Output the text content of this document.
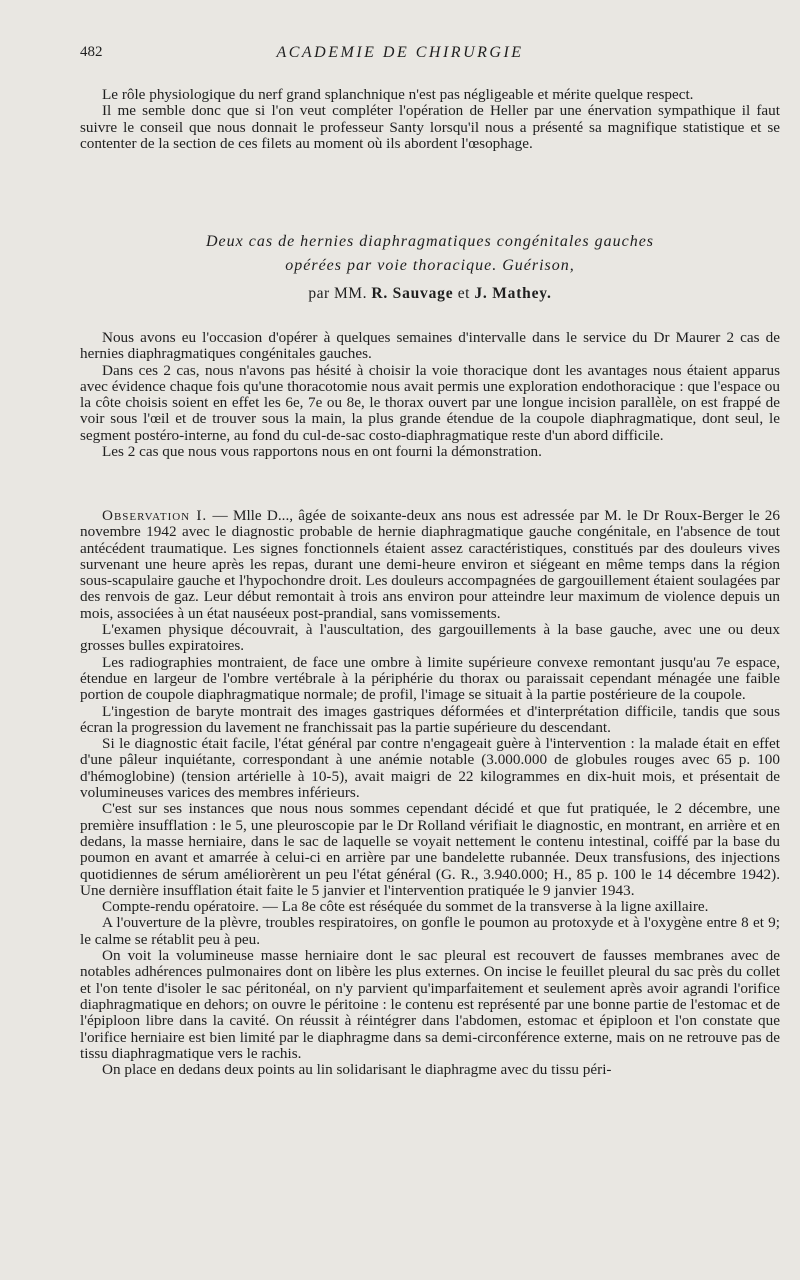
482	ACADEMIE DE CHIRURGIE

Le rôle physiologique du nerf grand splanchnique n'est pas négligeable et mérite quelque respect.

Il me semble donc que si l'on veut compléter l'opération de Heller par une énervation sympathique il faut suivre le conseil que nous donnait le professeur Santy lorsqu'il nous a présenté sa magnifique statistique et se contenter de la section de ces filets au moment où ils abordent l'œsophage.

Deux cas de hernies diaphragmatiques congénitales gauches
opérées par voie thoracique. Guérison,
par MM. R. Sauvage et J. Mathey.

Nous avons eu l'occasion d'opérer à quelques semaines d'intervalle dans le service du Dr Maurer 2 cas de hernies diaphragmatiques congénitales gauches.

Dans ces 2 cas, nous n'avons pas hésité à choisir la voie thoracique dont les avantages nous étaient apparus avec évidence chaque fois qu'une thoracotomie nous avait permis une exploration endothoracique : que l'espace ou la côte choisis soient en effet les 6e, 7e ou 8e, le thorax ouvert par une longue incision parallèle, on est frappé de voir sous l'œil et de trouver sous la main, la plus grande étendue de la coupole diaphragmatique, dont seul, le segment postéro-interne, au fond du cul-de-sac costo-diaphragmatique reste d'un abord difficile.

Les 2 cas que nous vous rapportons nous en ont fourni la démonstration.

Observation I. — Mlle D..., âgée de soixante-deux ans nous est adressée par M. le Dr Roux-Berger le 26 novembre 1942 avec le diagnostic probable de hernie diaphragmatique gauche congénitale, en l'absence de tout antécédent traumatique. Les signes fonctionnels étaient assez caractéristiques, constitués par des douleurs vives survenant une heure après les repas, durant une demi-heure environ et siégeant en même temps dans la région sous-scapulaire gauche et l'hypochondre droit. Les douleurs accompagnées de gargouillement étaient soulagées par des renvois de gaz. Leur début remontait à trois ans environ pour atteindre leur maximum de violence depuis un mois, associées à un état nauséeux post-prandial, sans vomissements.

L'examen physique découvrait, à l'auscultation, des gargouillements à la base gauche, avec une ou deux grosses bulles expiratoires.

Les radiographies montraient, de face une ombre à limite supérieure convexe remontant jusqu'au 7e espace, étendue en largeur de l'ombre vertébrale à la périphérie du thorax ou paraissait cependant ménagée une faible portion de coupole diaphragmatique normale; de profil, l'image se situait à la partie postérieure de la coupole.

L'ingestion de baryte montrait des images gastriques déformées et d'interprétation difficile, tandis que sous écran la progression du lavement ne franchissait pas la partie supérieure du descendant.

Si le diagnostic était facile, l'état général par contre n'engageait guère à l'intervention : la malade était en effet d'une pâleur inquiétante, correspondant à une anémie notable (3.000.000 de globules rouges avec 65 p. 100 d'hémoglobine) (tension artérielle à 10-5), avait maigri de 22 kilogrammes en dix-huit mois, et présentait de volumineuses varices des membres inférieurs.

C'est sur ses instances que nous nous sommes cependant décidé et que fut pratiquée, le 2 décembre, une première insufflation : le 5, une pleuroscopie par le Dr Rolland vérifiait le diagnostic, en montrant, en arrière et en dedans, la masse herniaire, dans le sac de laquelle se voyait nettement le contenu intestinal, coiffé par la base du poumon en avant et amarrée à celui-ci en arrière par une bandelette rubannée. Deux transfusions, des injections quotidiennes de sérum améliorèrent un peu l'état général (G. R., 3.940.000; H., 85 p. 100 le 14 décembre 1942). Une dernière insufflation était faite le 5 janvier et l'intervention pratiquée le 9 janvier 1943.

Compte-rendu opératoire. — La 8e côte est réséquée du sommet de la transverse à la ligne axillaire.

A l'ouverture de la plèvre, troubles respiratoires, on gonfle le poumon au protoxyde et à l'oxygène entre 8 et 9; le calme se rétablit peu à peu.

On voit la volumineuse masse herniaire dont le sac pleural est recouvert de fausses membranes avec de notables adhérences pulmonaires dont on libère les plus externes. On incise le feuillet pleural du sac près du collet et l'on tente d'isoler le sac péritonéal, on n'y parvient qu'imparfaitement et seulement après avoir agrandi l'orifice diaphragmatique en dehors; on ouvre le péritoine : le contenu est représenté par une bonne partie de l'estomac et de l'épiploon libre dans la cavité. On réussit à réintégrer dans l'abdomen, estomac et épiploon et l'on constate que l'orifice herniaire est bien limité par le diaphragme dans sa demi-circonférence externe, mais on ne retrouve pas de tissu diaphragmatique vers le rachis.

On place en dedans deux points au lin solidarisant le diaphragme avec du tissu péri-
